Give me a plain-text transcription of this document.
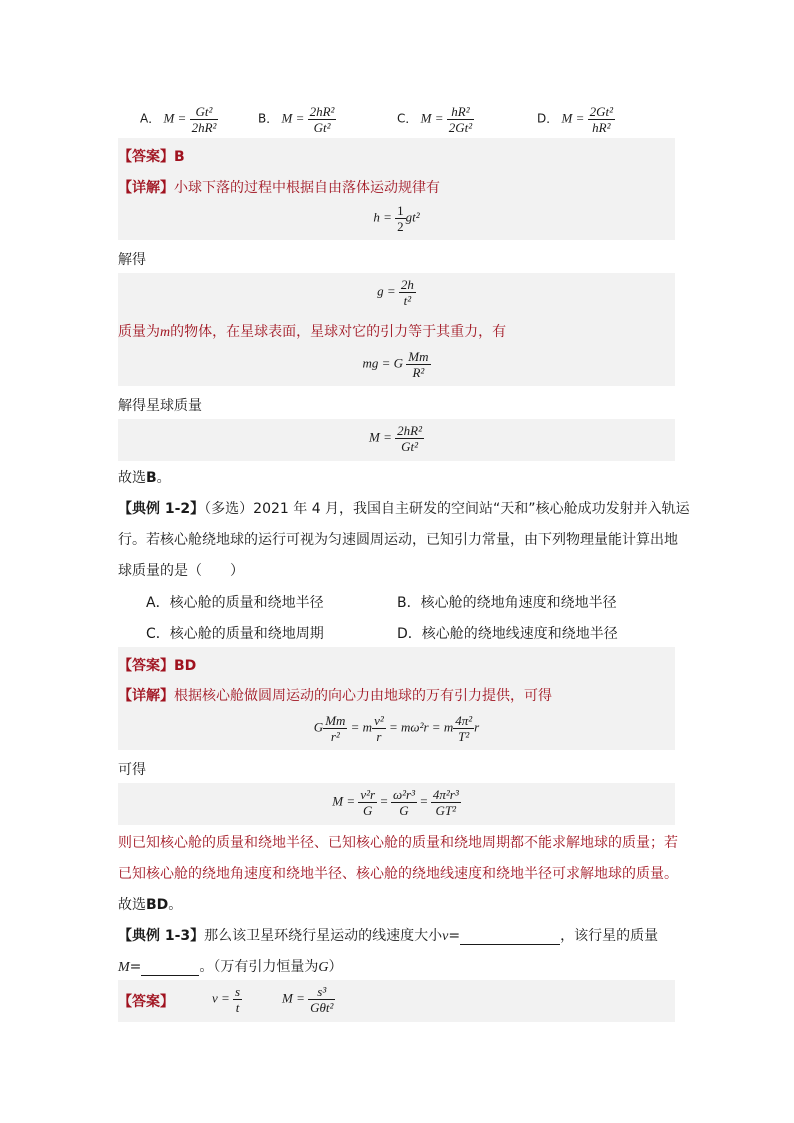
A． $M = \frac{\text{Gt²}}{\text{2hR²}}$	B． $M = \frac{\text{2hR²}}{\text{Gt²}}$	C． $M = \frac{\text{hR²}}{\text{2Gt²}}$	D． $M = \frac{\text{2Gt²}}{\text{hR²}}$
【答案】B
【详解】小球下落的过程中根据自由落体运动规律有
$h = \frac{1}{2} gt^2$
解得
$g = \frac{2h}{\text{t²}}$
质量为m的物体，在星球表面，星球对它的引力等于其重力，有
mg = G $\frac{Mm}{\text{R²}}$
解得星球质量
$M = \frac{\text{2hR²}}{\text{Gt²}}$
故选B。
【典例 1-2】（多选）2021 年 4 月，我国自主研发的空间站“天和”核心舱成功发射并入轨运
行。若核心舱绕地球的运行可视为匀速圆周运动，已知引力常量，由下列物理量能计算出地
球质量的是（　　）
A．核心舱的质量和绕地半径	B．核心舱的绕地角速度和绕地半径
C．核心舱的质量和绕地周期	D．核心舱的绕地线速度和绕地半径
【答案】BD
【详解】根据核心舱做圆周运动的向心力由地球的万有引力提供，可得
G $\frac{Mm}{\text{r²}} = m \frac{\text{v²}}{r} = m\omega^2r = m \frac{\text{4π²}}{\text{T²}}$ r
可得
$M = \frac{\text{v²r}}{G} = \frac{\text{ω²r³}}{G} = \frac{\text{4π²r³}}{\text{GT²}}$
则已知核心舱的质量和绕地半径、已知核心舱的质量和绕地周期都不能求解地球的质量；若
已知核心舱的绕地角速度和绕地半径、核心舱的绕地线速度和绕地半径可求解地球的质量。
故选BD。
【典例 1-3】那么该卫星环绕行星运动的线速度大小v=	，该行星的质量
M=	。（万有引力恒量为G）
【答案】	$v = \frac{s}{t}$	$M = \frac{\text{s³}}{\text{Gθt²}}$
